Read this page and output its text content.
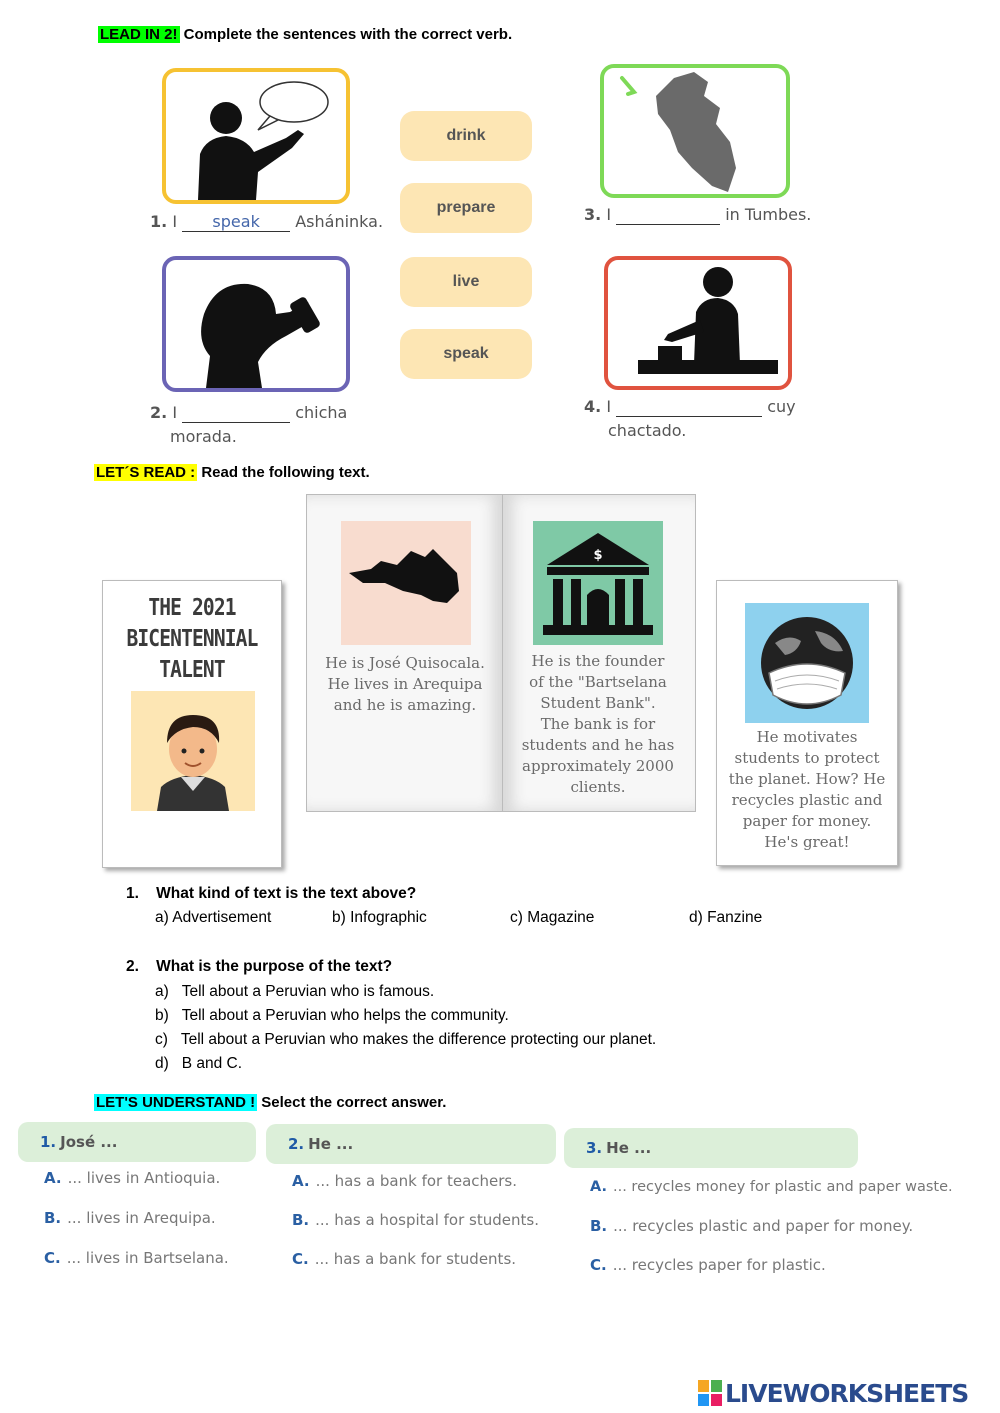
LEAD IN 2! Complete the sentences with the correct verb.
1. I speak Asháninka.
2. I	chicha
morada.
drink
prepare
live
speak
3. I	in Tumbes.
4. I	cuy
chactado.
LET´S READ : Read the following text.
THE 2021
BICENTENNIAL
TALENT	He is José Quisocala.
He lives in Arequipa
and he is amazing.
$
He is the founder
of the "Bartselana
Student Bank".
The bank is for
students and he has
approximately 2000
clients.
He motivates
students to protect
the planet. How? He
recycles plastic and
paper for money.
He's great!
1. What kind of text is the text above?
a) Advertisement	b) Infographic	c) Magazine	d) Fanzine
2. What is the purpose of the text?
a) Tell about a Peruvian who is famous.
b) Tell about a Peruvian who helps the community.
c) Tell about a Peruvian who makes the difference protecting our planet.
d) B and C.
LET'S UNDERSTAND ! Select the correct answer.
1. José ...
A. ... lives in Antioquia.
B. ... lives in Arequipa.
C. ... lives in Bartselana.
2. He ...
A. ... has a bank for teachers.
B. ... has a hospital for students.
C. ... has a bank for students.
3. He ...
A. ... recycles money for plastic and paper waste.
B. ... recycles plastic and paper for money.
C. ... recycles paper for plastic.
LIVEWORKSHEETS
